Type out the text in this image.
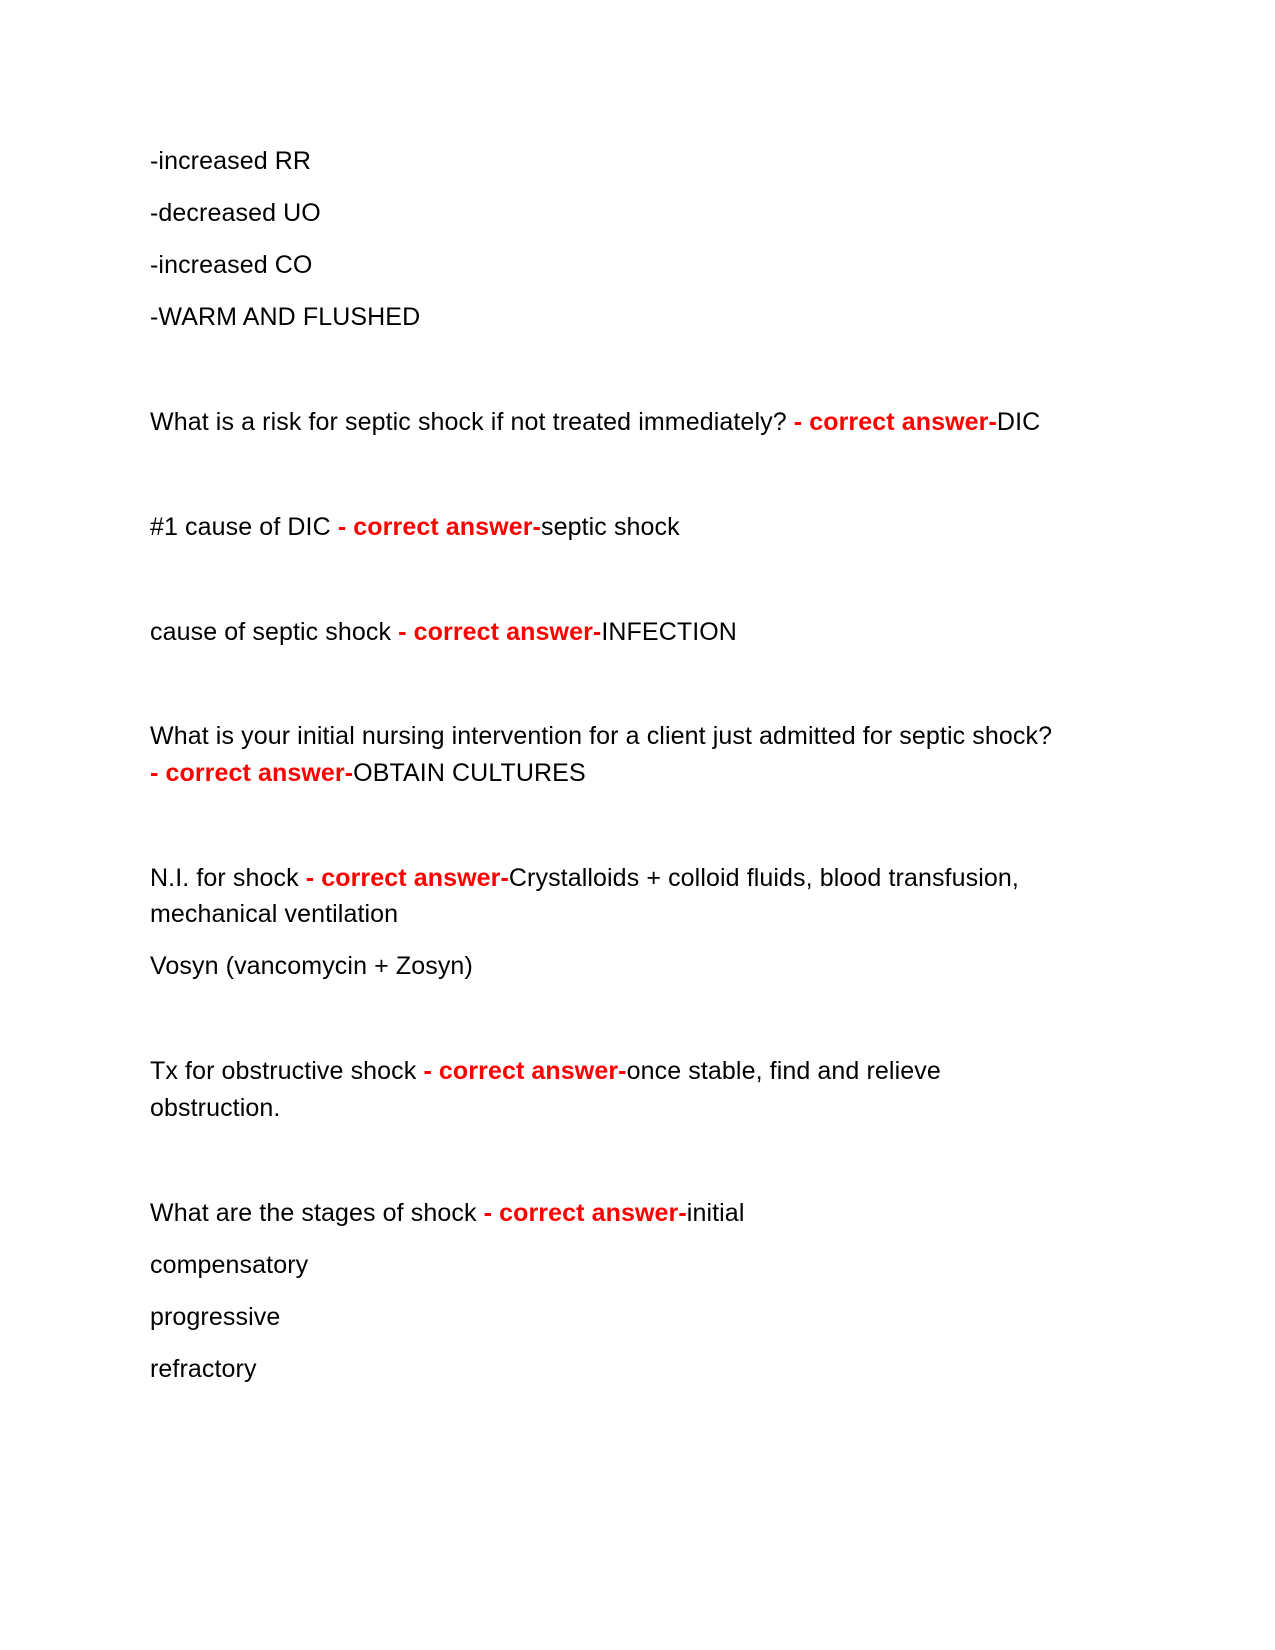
-increased RR
-decreased UO
-increased CO
-WARM AND FLUSHED
What is a risk for septic shock if not treated immediately? - correct answer-DIC
#1 cause of DIC - correct answer-septic shock
cause of septic shock - correct answer-INFECTION
What is your initial nursing intervention for a client just admitted for septic shock?
- correct answer-OBTAIN CULTURES
N.I. for shock - correct answer-Crystalloids + colloid fluids, blood transfusion,
mechanical ventilation
Vosyn (vancomycin + Zosyn)
Tx for obstructive shock - correct answer-once stable, find and relieve
obstruction.
What are the stages of shock - correct answer-initial
compensatory
progressive
refractory
